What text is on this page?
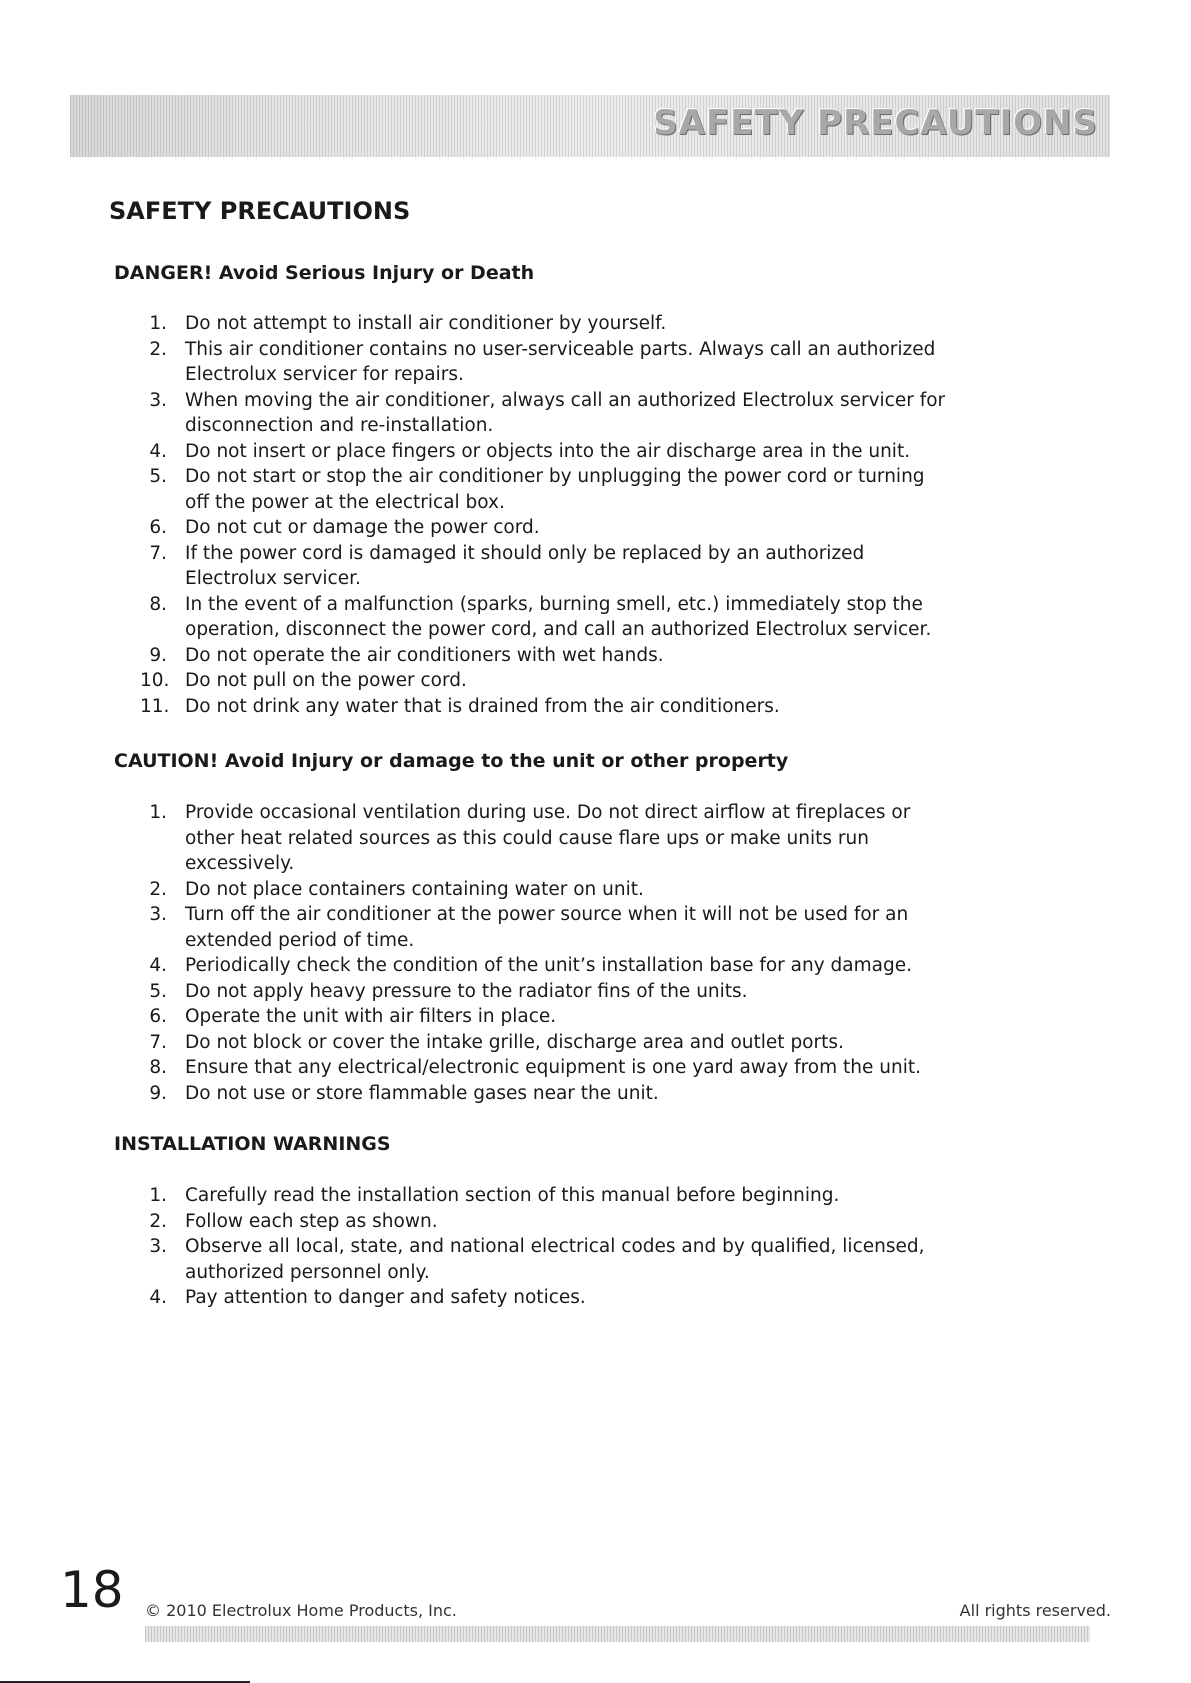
SAFETY PRECAUTIONS
SAFETY PRECAUTIONS
DANGER! Avoid Serious Injury or Death
1. Do not attempt to install air conditioner by yourself.
2. This air conditioner contains no user-serviceable parts. Always call an authorized
Electrolux servicer for repairs.
3. When moving the air conditioner, always call an authorized Electrolux servicer for
disconnection and re-installation.
4. Do not insert or place fingers or objects into the air discharge area in the unit.
5. Do not start or stop the air conditioner by unplugging the power cord or turning
off the power at the electrical box.
6. Do not cut or damage the power cord.
7. If the power cord is damaged it should only be replaced by an authorized
Electrolux servicer.
8. In the event of a malfunction (sparks, burning smell, etc.) immediately stop the
operation, disconnect the power cord, and call an authorized Electrolux servicer.
9. Do not operate the air conditioners with wet hands.
10. Do not pull on the power cord.
11. Do not drink any water that is drained from the air conditioners.
CAUTION! Avoid Injury or damage to the unit or other property
1. Provide occasional ventilation during use. Do not direct airflow at fireplaces or
other heat related sources as this could cause flare ups or make units run
excessively.
2. Do not place containers containing water on unit.
3. Turn off the air conditioner at the power source when it will not be used for an
extended period of time.
4. Periodically check the condition of the unit’s installation base for any damage.
5. Do not apply heavy pressure to the radiator fins of the units.
6. Operate the unit with air filters in place.
7. Do not block or cover the intake grille, discharge area and outlet ports.
8. Ensure that any electrical/electronic equipment is one yard away from the unit.
9. Do not use or store flammable gases near the unit.
INSTALLATION WARNINGS
1. Carefully read the installation section of this manual before beginning.
2. Follow each step as shown.
3. Observe all local, state, and national electrical codes and by qualified, licensed,
authorized personnel only.
4. Pay attention to danger and safety notices.
18 © 2010 Electrolux Home Products, Inc.	All rights reserved.
